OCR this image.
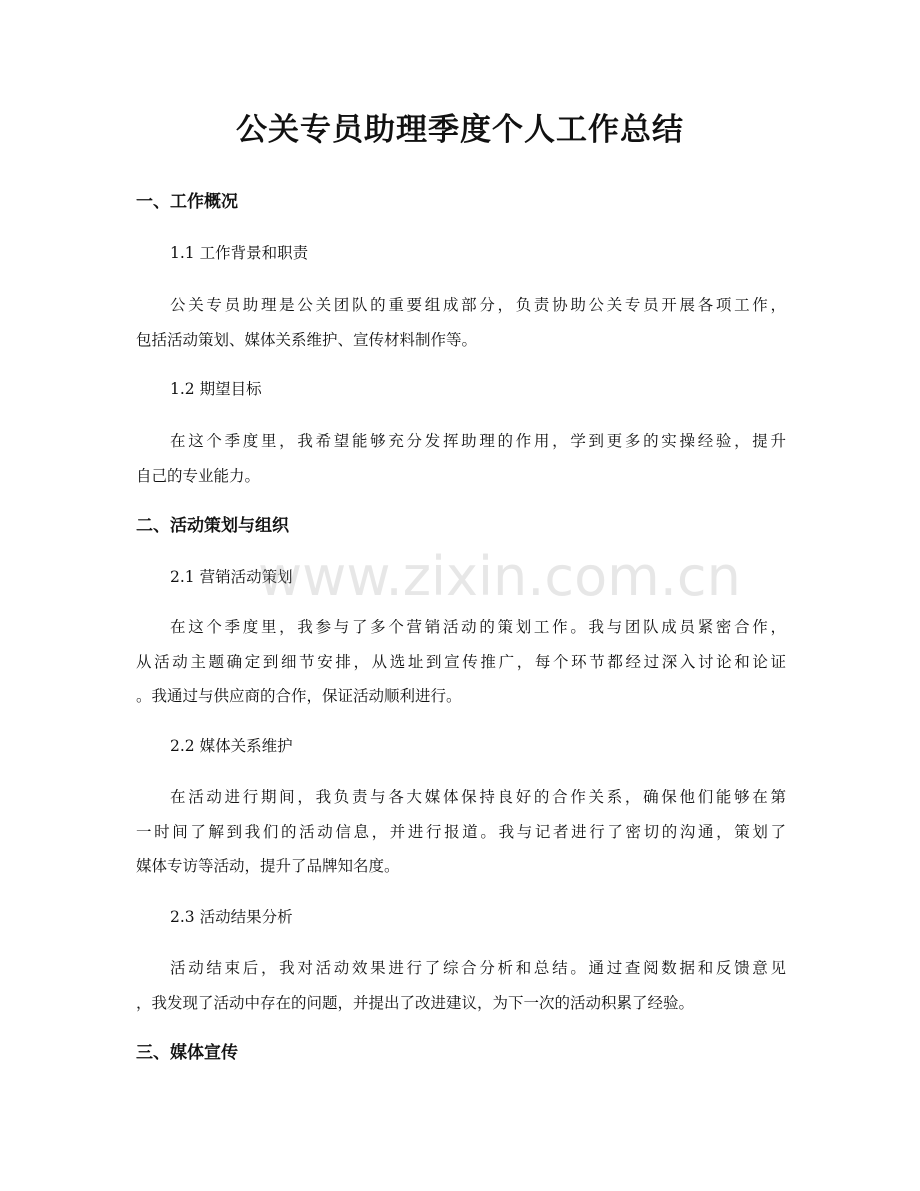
公关专员助理季度个人工作总结
一、工作概况
1.1 工作背景和职责
公关专员助理是公关团队的重要组成部分，负责协助公关专员开展各项工作，
包括活动策划、媒体关系维护、宣传材料制作等。
1.2 期望目标
在这个季度里，我希望能够充分发挥助理的作用，学到更多的实操经验，提升
自己的专业能力。
二、活动策划与组织
2.1 营销活动策划
在这个季度里，我参与了多个营销活动的策划工作。我与团队成员紧密合作，
从活动主题确定到细节安排，从选址到宣传推广，每个环节都经过深入讨论和论证
。我通过与供应商的合作，保证活动顺利进行。
2.2 媒体关系维护
在活动进行期间，我负责与各大媒体保持良好的合作关系，确保他们能够在第
一时间了解到我们的活动信息，并进行报道。我与记者进行了密切的沟通，策划了
媒体专访等活动，提升了品牌知名度。
2.3 活动结果分析
活动结束后，我对活动效果进行了综合分析和总结。通过查阅数据和反馈意见
，我发现了活动中存在的问题，并提出了改进建议，为下一次的活动积累了经验。
三、媒体宣传
www.zixin.com.cn
